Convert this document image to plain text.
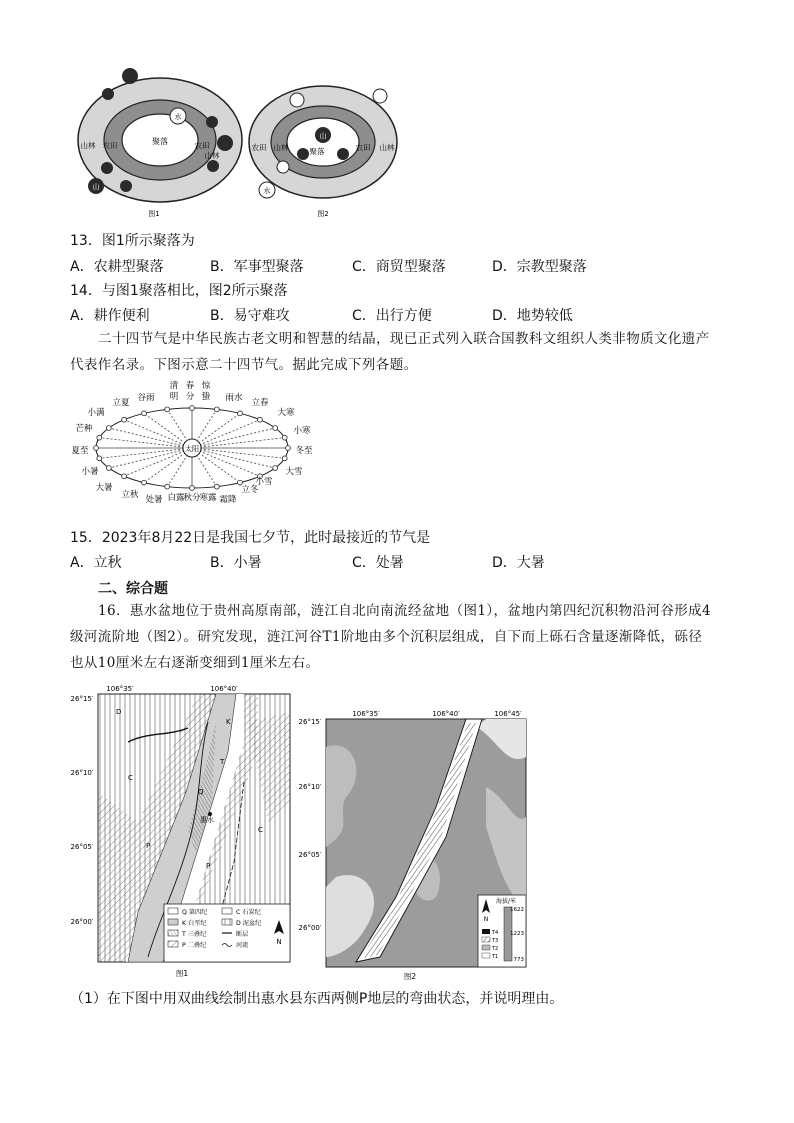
聚落
农田
山林	农田
山林
水
山
图1
农田 山林	聚落	农田 山林
山
水
图2
13．图1所示聚落为
A．农耕型聚落	B．军事型聚落	C．商贸型聚落	D．宗教型聚落
14．与图1聚落相比，图2所示聚落
A．耕作便利	B．易守难攻	C．出行方便	D．地势较低
二十四节气是中华民族古老文明和智慧的结晶，现已正式列入联合国教科文组织人类非物质文化遗产
代表作名录。下图示意二十四节气。据此完成下列各题。
太阳
清
明
春
分
惊
蛰
谷雨	雨水
立夏	立春
小满	大寒
芒种	小寒
夏至	冬至
小暑	大雪
大暑
小雪
立秋	立冬
处暑	霜降
白露
秋分
寒露
15．2023年8月22日是我国七夕节，此时最接近的节气是
A．立秋	B．小暑	C．处暑	D．大暑
二、综合题
16．惠水盆地位于贵州高原南部，涟江自北向南流经盆地（图1），盆地内第四纪沉积物沿河谷形成4
级河流阶地（图2）。研究发现，涟江河谷T1阶地由多个沉积层组成，自下而上砾石含量逐渐降低，砾径
也从10厘米左右逐渐变细到1厘米左右。
106°35′	106°40′
26°15′
26°10′
26°05′
26°00′
D
C
C
K
Q
P
P
T
惠水
Q 第四纪	C 石炭纪
K 白垩纪	D 泥盆纪
T 三叠纪	断层
P 二叠纪	河流	N
图1
106°35′	106°40′	106°45′
26°15′
26°10′
26°05′
26°00′
海拔/米
1622
1223
773
T4
T3
T2
T1
N
图2
（1）在下图中用双曲线绘制出惠水县东西两侧P地层的弯曲状态，并说明理由。
